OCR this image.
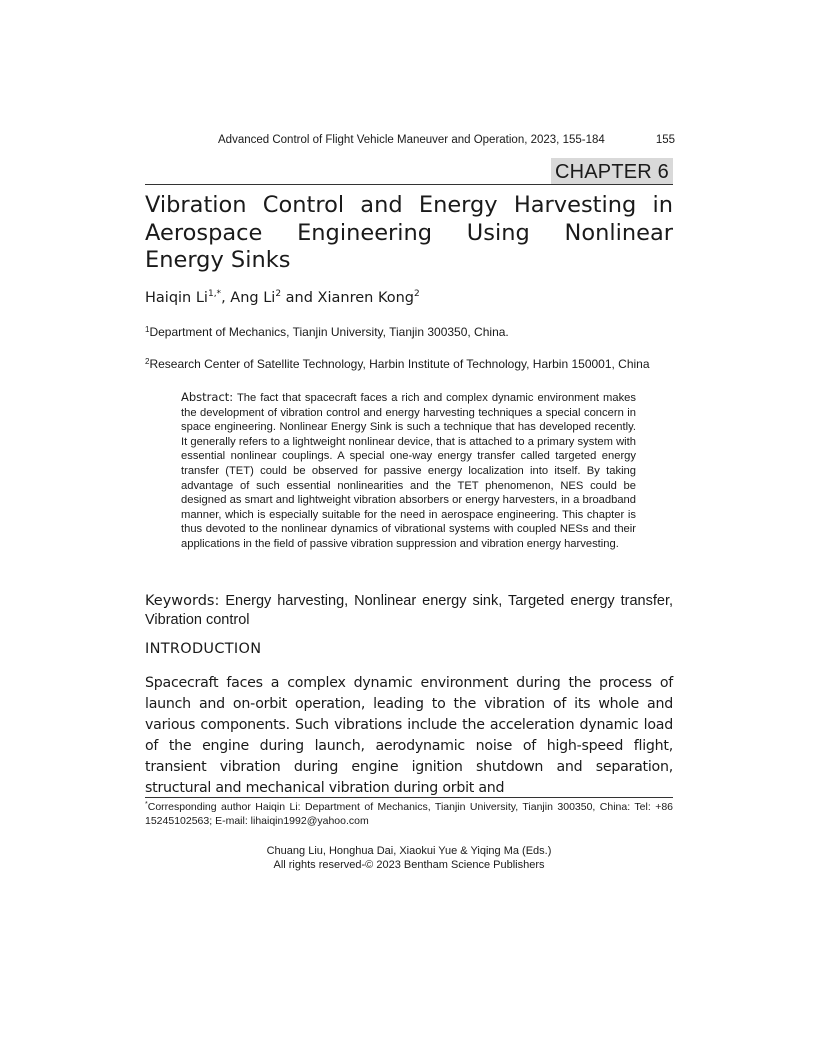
Advanced Control of Flight Vehicle Maneuver and Operation, 2023, 155-184	155
CHAPTER 6
Vibration Control and Energy Harvesting in Aerospace Engineering Using Nonlinear Energy Sinks
Haiqin $Li^{1,*}$, Ang Li$^2$ and Xianren Kong$^2$
$^1$Department of Mechanics, Tianjin University, Tianjin 300350, China.
$^2$Research Center of Satellite Technology, Harbin Institute of Technology, Harbin 150001, China
Abstract: The fact that spacecraft faces a rich and complex dynamic environment makes the development of vibration control and energy harvesting techniques a special concern in space engineering. Nonlinear Energy Sink is such a technique that has developed recently. It generally refers to a lightweight nonlinear device, that is attached to a primary system with essential nonlinear couplings. A special one-way energy transfer called targeted energy transfer (TET) could be observed for passive energy localization into itself. By taking advantage of such essential nonlinearities and the TET phenomenon, NES could be designed as smart and lightweight vibration absorbers or energy harvesters, in a broadband manner, which is especially suitable for the need in aerospace engineering. This chapter is thus devoted to the nonlinear dynamics of vibrational systems with coupled NESs and their applications in the field of passive vibration suppression and vibration energy harvesting.
Keywords: Energy harvesting, Nonlinear energy sink, Targeted energy transfer, Vibration control
INTRODUCTION
Spacecraft faces a complex dynamic environment during the process of launch and on-orbit operation, leading to the vibration of its whole and various components. Such vibrations include the acceleration dynamic load of the engine during launch, aerodynamic noise of high-speed flight, transient vibration during engine ignition shutdown and separation, structural and mechanical vibration during orbit and
*Corresponding author Haiqin Li: Department of Mechanics, Tianjin University, Tianjin 300350, China: Tel: +86 15245102563; E-mail: lihaiqin1992@yahoo.com
Chuang Liu, Honghua Dai, Xiaokui Yue & Yiqing Ma (Eds.)
All rights reserved-© 2023 Bentham Science Publishers
